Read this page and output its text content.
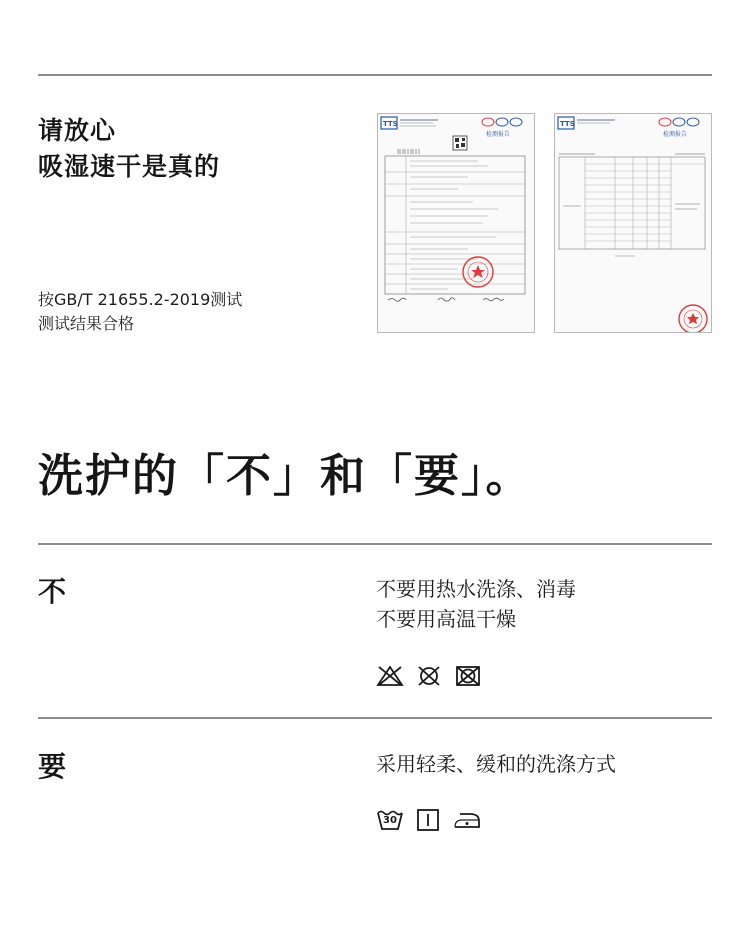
请放心
吸湿速干是真的
按GB/T 21655.2-2019测试
测试结果合格
TTS
检测报告
TTS
检测报告
洗护的「不」和「要」。
不	不要用热水洗涤、消毒
不要用高温干燥
要	采用轻柔、缓和的洗涤方式
30
